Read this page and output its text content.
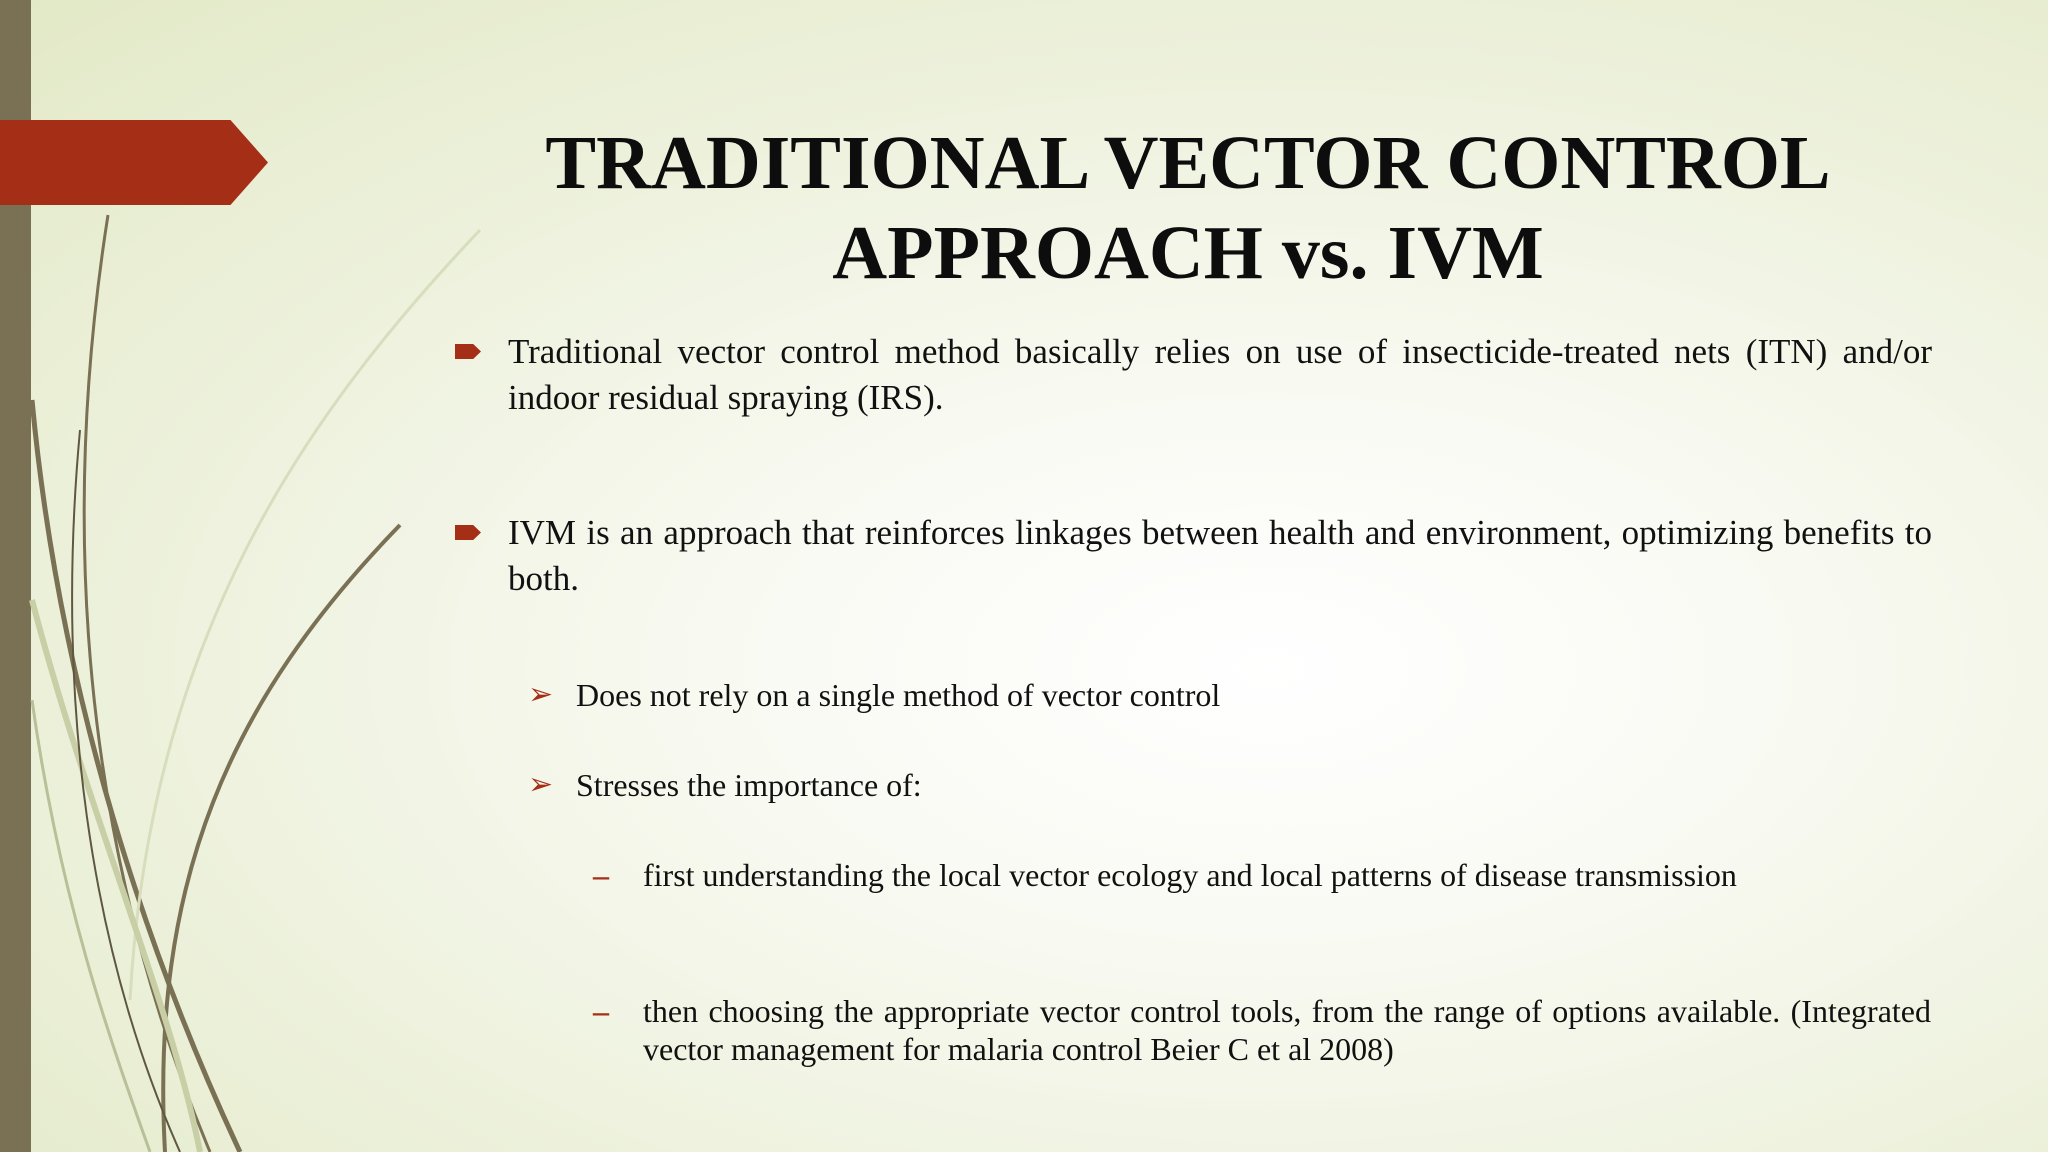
TRADITIONAL VECTOR CONTROL
APPROACH vs. IVM
Traditional vector control method basically relies on use of insecticide-treated nets (ITN) and/or indoor residual spraying (IRS).
IVM is an approach that reinforces linkages between health and environment, optimizing benefits to both.
➢ Does not rely on a single method of vector control
➢ Stresses the importance of:
– first understanding the local vector ecology and local patterns of disease transmission
– then choosing the appropriate vector control tools, from the range of options available. (Integrated vector management for malaria control Beier C et al 2008)
